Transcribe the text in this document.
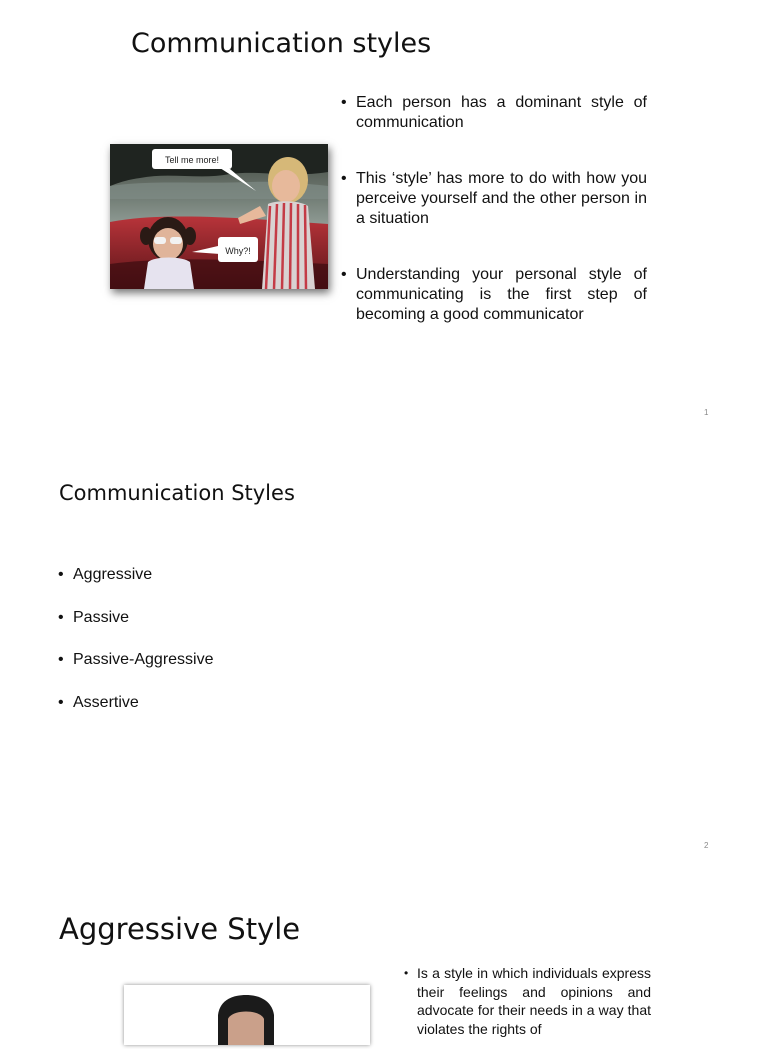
Communication styles
Tell me more!
Why?!
• Each person has a dominant style of communication
• This ‘style’ has more to do with how you perceive yourself and the other person in a situation
• Understanding your personal style of communicating is the first step of becoming a good communicator
1
Communication Styles
• Aggressive
• Passive
• Passive-Aggressive
• Assertive
2
Aggressive Style
• Is a style in which individuals express their feelings and opinions and advocate for their needs in a way that violates the rights of
